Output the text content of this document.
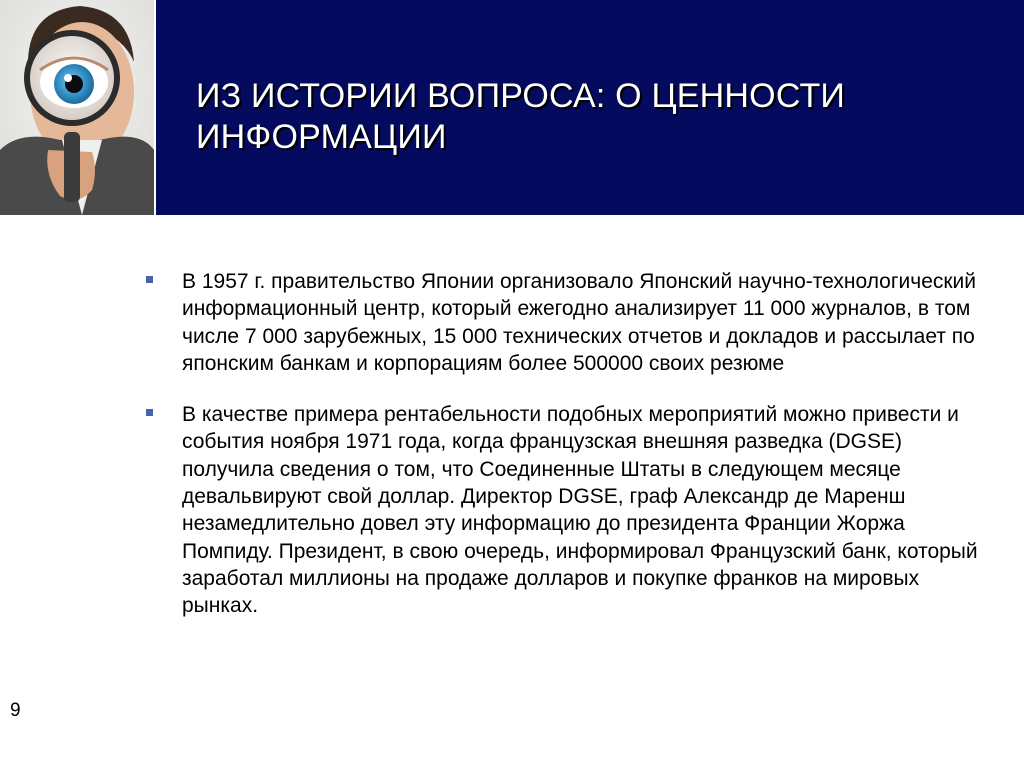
ИЗ ИСТОРИИ ВОПРОСА: О ЦЕННОСТИ
ИНФОРМАЦИИ
В 1957 г. правительство Японии организовало Японский научно-технологический информационный центр, который ежегодно анализирует 11 000 журналов, в том числе 7 000 зарубежных, 15 000 технических отчетов и докладов и рассылает по японским банкам и корпорациям более 500000 своих резюме
В качестве примера рентабельности подобных мероприятий можно привести и события ноября 1971 года, когда французская внешняя разведка (DGSE) получила сведения о том, что Соединенные Штаты в следующем месяце девальвируют свой доллар. Директор DGSE, граф Александр де Маренш незамедлительно довел эту информацию до президента Франции Жоржа Помпиду. Президент, в свою очередь, информировал Французский банк, который заработал миллионы на продаже долларов и покупке франков на мировых рынках.
9
